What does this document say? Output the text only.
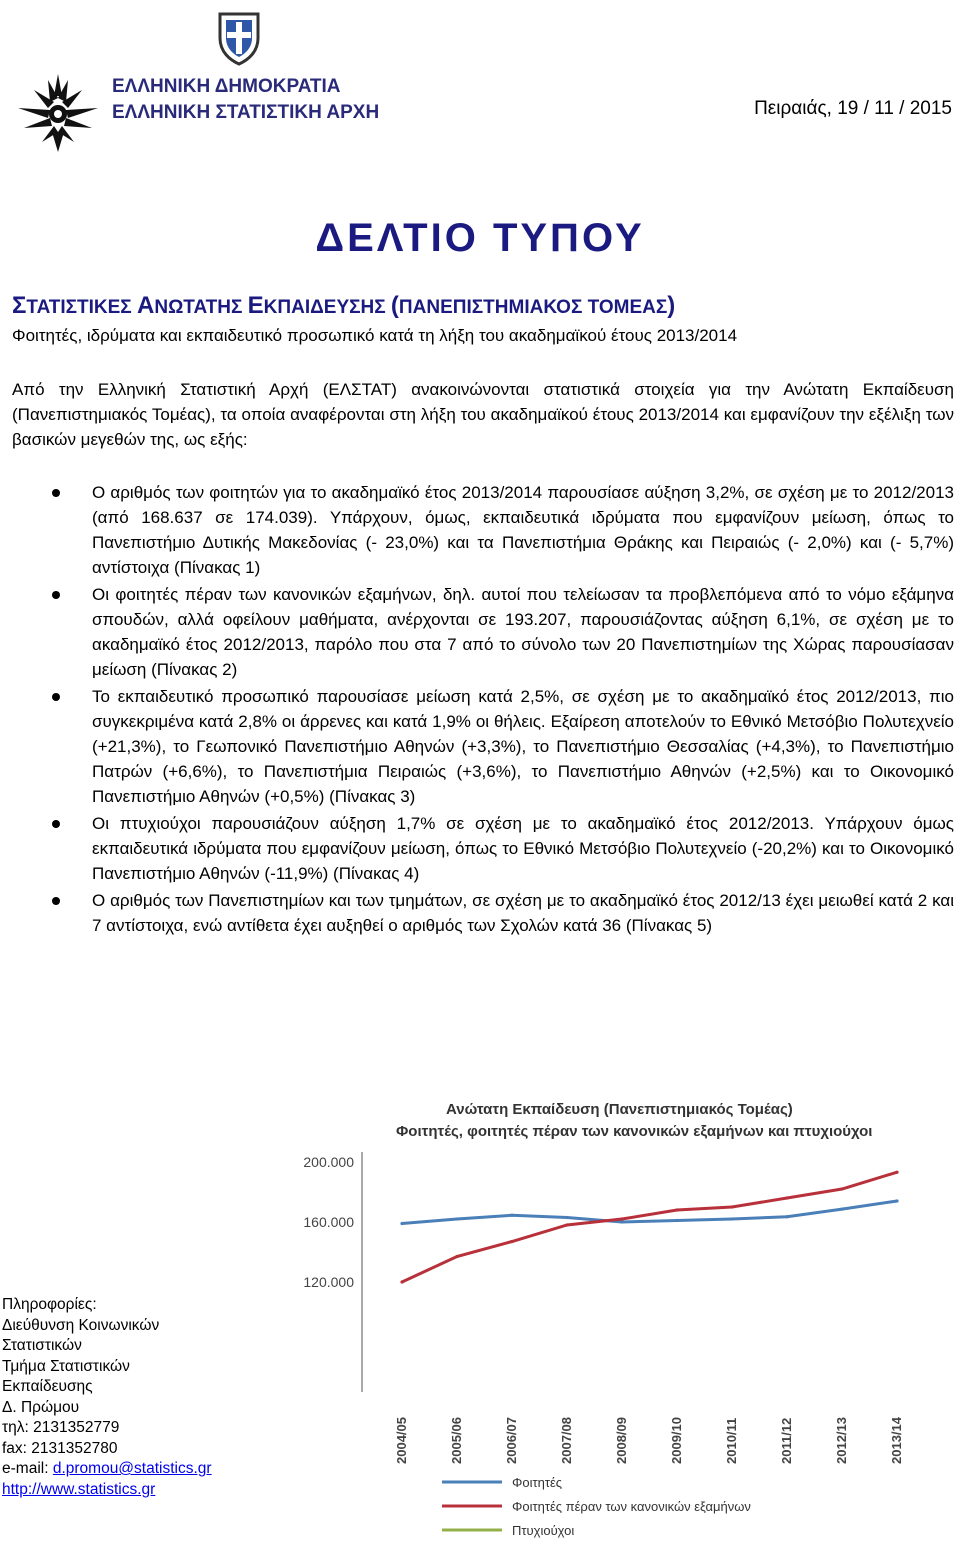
ΕΛΛΗΝΙΚΗ ΔΗΜΟΚΡΑΤΙΑ
ΕΛΛΗΝΙΚΗ ΣΤΑΤΙΣΤΙΚΗ ΑΡΧΗ	Πειραιάς, 19 / 11 / 2015
ΔΕΛΤΙΟ ΤΥΠΟΥ
ΣΤΑΤΙΣΤΙΚΕΣ ΑΝΩΤΑΤΗΣ ΕΚΠΑΙΔΕΥΣΗΣ (ΠΑΝΕΠΙΣΤΗΜΙΑΚΟΣ ΤΟΜΕΑΣ)
Φοιτητές, ιδρύματα και εκπαιδευτικό προσωπικό κατά τη λήξη του ακαδημαϊκού έτους 2013/2014
Από την Ελληνική Στατιστική Αρχή (ΕΛΣΤΑΤ) ανακοινώνονται στατιστικά στοιχεία για την Ανώτατη Εκπαίδευση (Πανεπιστημιακός Τομέας), τα οποία αναφέρονται στη λήξη του ακαδημαϊκού έτους 2013/2014 και εμφανίζουν την εξέλιξη των βασικών μεγεθών της, ως εξής:
Ο αριθμός των φοιτητών για το ακαδημαϊκό έτος 2013/2014 παρουσίασε αύξηση 3,2%, σε σχέση με το 2012/2013 (από 168.637 σε 174.039). Υπάρχουν, όμως, εκπαιδευτικά ιδρύματα που εμφανίζουν μείωση, όπως το Πανεπιστήμιο Δυτικής Μακεδονίας (- 23,0%) και τα Πανεπιστήμια Θράκης και Πειραιώς (- 2,0%) και (- 5,7%) αντίστοιχα (Πίνακας 1)
Οι φοιτητές πέραν των κανονικών εξαμήνων, δηλ. αυτοί που τελείωσαν τα προβλεπόμενα από το νόμο εξάμηνα σπουδών, αλλά οφείλουν μαθήματα, ανέρχονται σε 193.207, παρουσιάζοντας αύξηση 6,1%, σε σχέση με το ακαδημαϊκό έτος 2012/2013, παρόλο που στα 7 από το σύνολο των 20 Πανεπιστημίων της Χώρας παρουσίασαν μείωση (Πίνακας 2)
Το εκπαιδευτικό προσωπικό παρουσίασε μείωση κατά 2,5%, σε σχέση με το ακαδημαϊκό έτος 2012/2013, πιο συγκεκριμένα κατά 2,8% οι άρρενες και κατά 1,9% οι θήλεις. Εξαίρεση αποτελούν το Εθνικό Μετσόβιο Πολυτεχνείο (+21,3%), το Γεωπονικό Πανεπιστήμιο Αθηνών (+3,3%), το Πανεπιστήμιο Θεσσαλίας (+4,3%), το Πανεπιστήμιο Πατρών (+6,6%), το Πανεπιστήμια Πειραιώς (+3,6%), το Πανεπιστήμιο Αθηνών (+2,5%) και το Οικονομικό Πανεπιστήμιο Αθηνών (+0,5%) (Πίνακας 3)
Οι πτυχιούχοι παρουσιάζουν αύξηση 1,7% σε σχέση με το ακαδημαϊκό έτος 2012/2013. Υπάρχουν όμως εκπαιδευτικά ιδρύματα που εμφανίζουν μείωση, όπως το Εθνικό Μετσόβιο Πολυτεχνείο (-20,2%) και το Οικονομικό Πανεπιστήμιο Αθηνών (-11,9%) (Πίνακας 4)
Ο αριθμός των Πανεπιστημίων και των τμημάτων, σε σχέση με το ακαδημαϊκό έτος 2012/13 έχει μειωθεί κατά 2 και 7 αντίστοιχα, ενώ αντίθετα έχει αυξηθεί ο αριθμός των Σχολών κατά 36 (Πίνακας 5)
Ανώτατη Εκπαίδευση (Πανεπιστημιακός Τομέας)
Φοιτητές, φοιτητές πέραν των κανονικών εξαμήνων και πτυχιούχοι
200.000
160.000
120.000
2004/05	2005/06	2006/07	2007/08	2008/09	2009/10	2010/11	2011/12	2012/13	2013/14
Φοιτητές
Φοιτητές πέραν των κανονικών εξαμήνων
Πτυχιούχοι
Πληροφορίες:
Διεύθυνση Κοινωνικών
Στατιστικών
Τμήμα Στατιστικών
Εκπαίδευσης
Δ. Πρώμου
τηλ: 2131352779
fax: 2131352780
e-mail: d.promou@statistics.gr
http://www.statistics.gr
